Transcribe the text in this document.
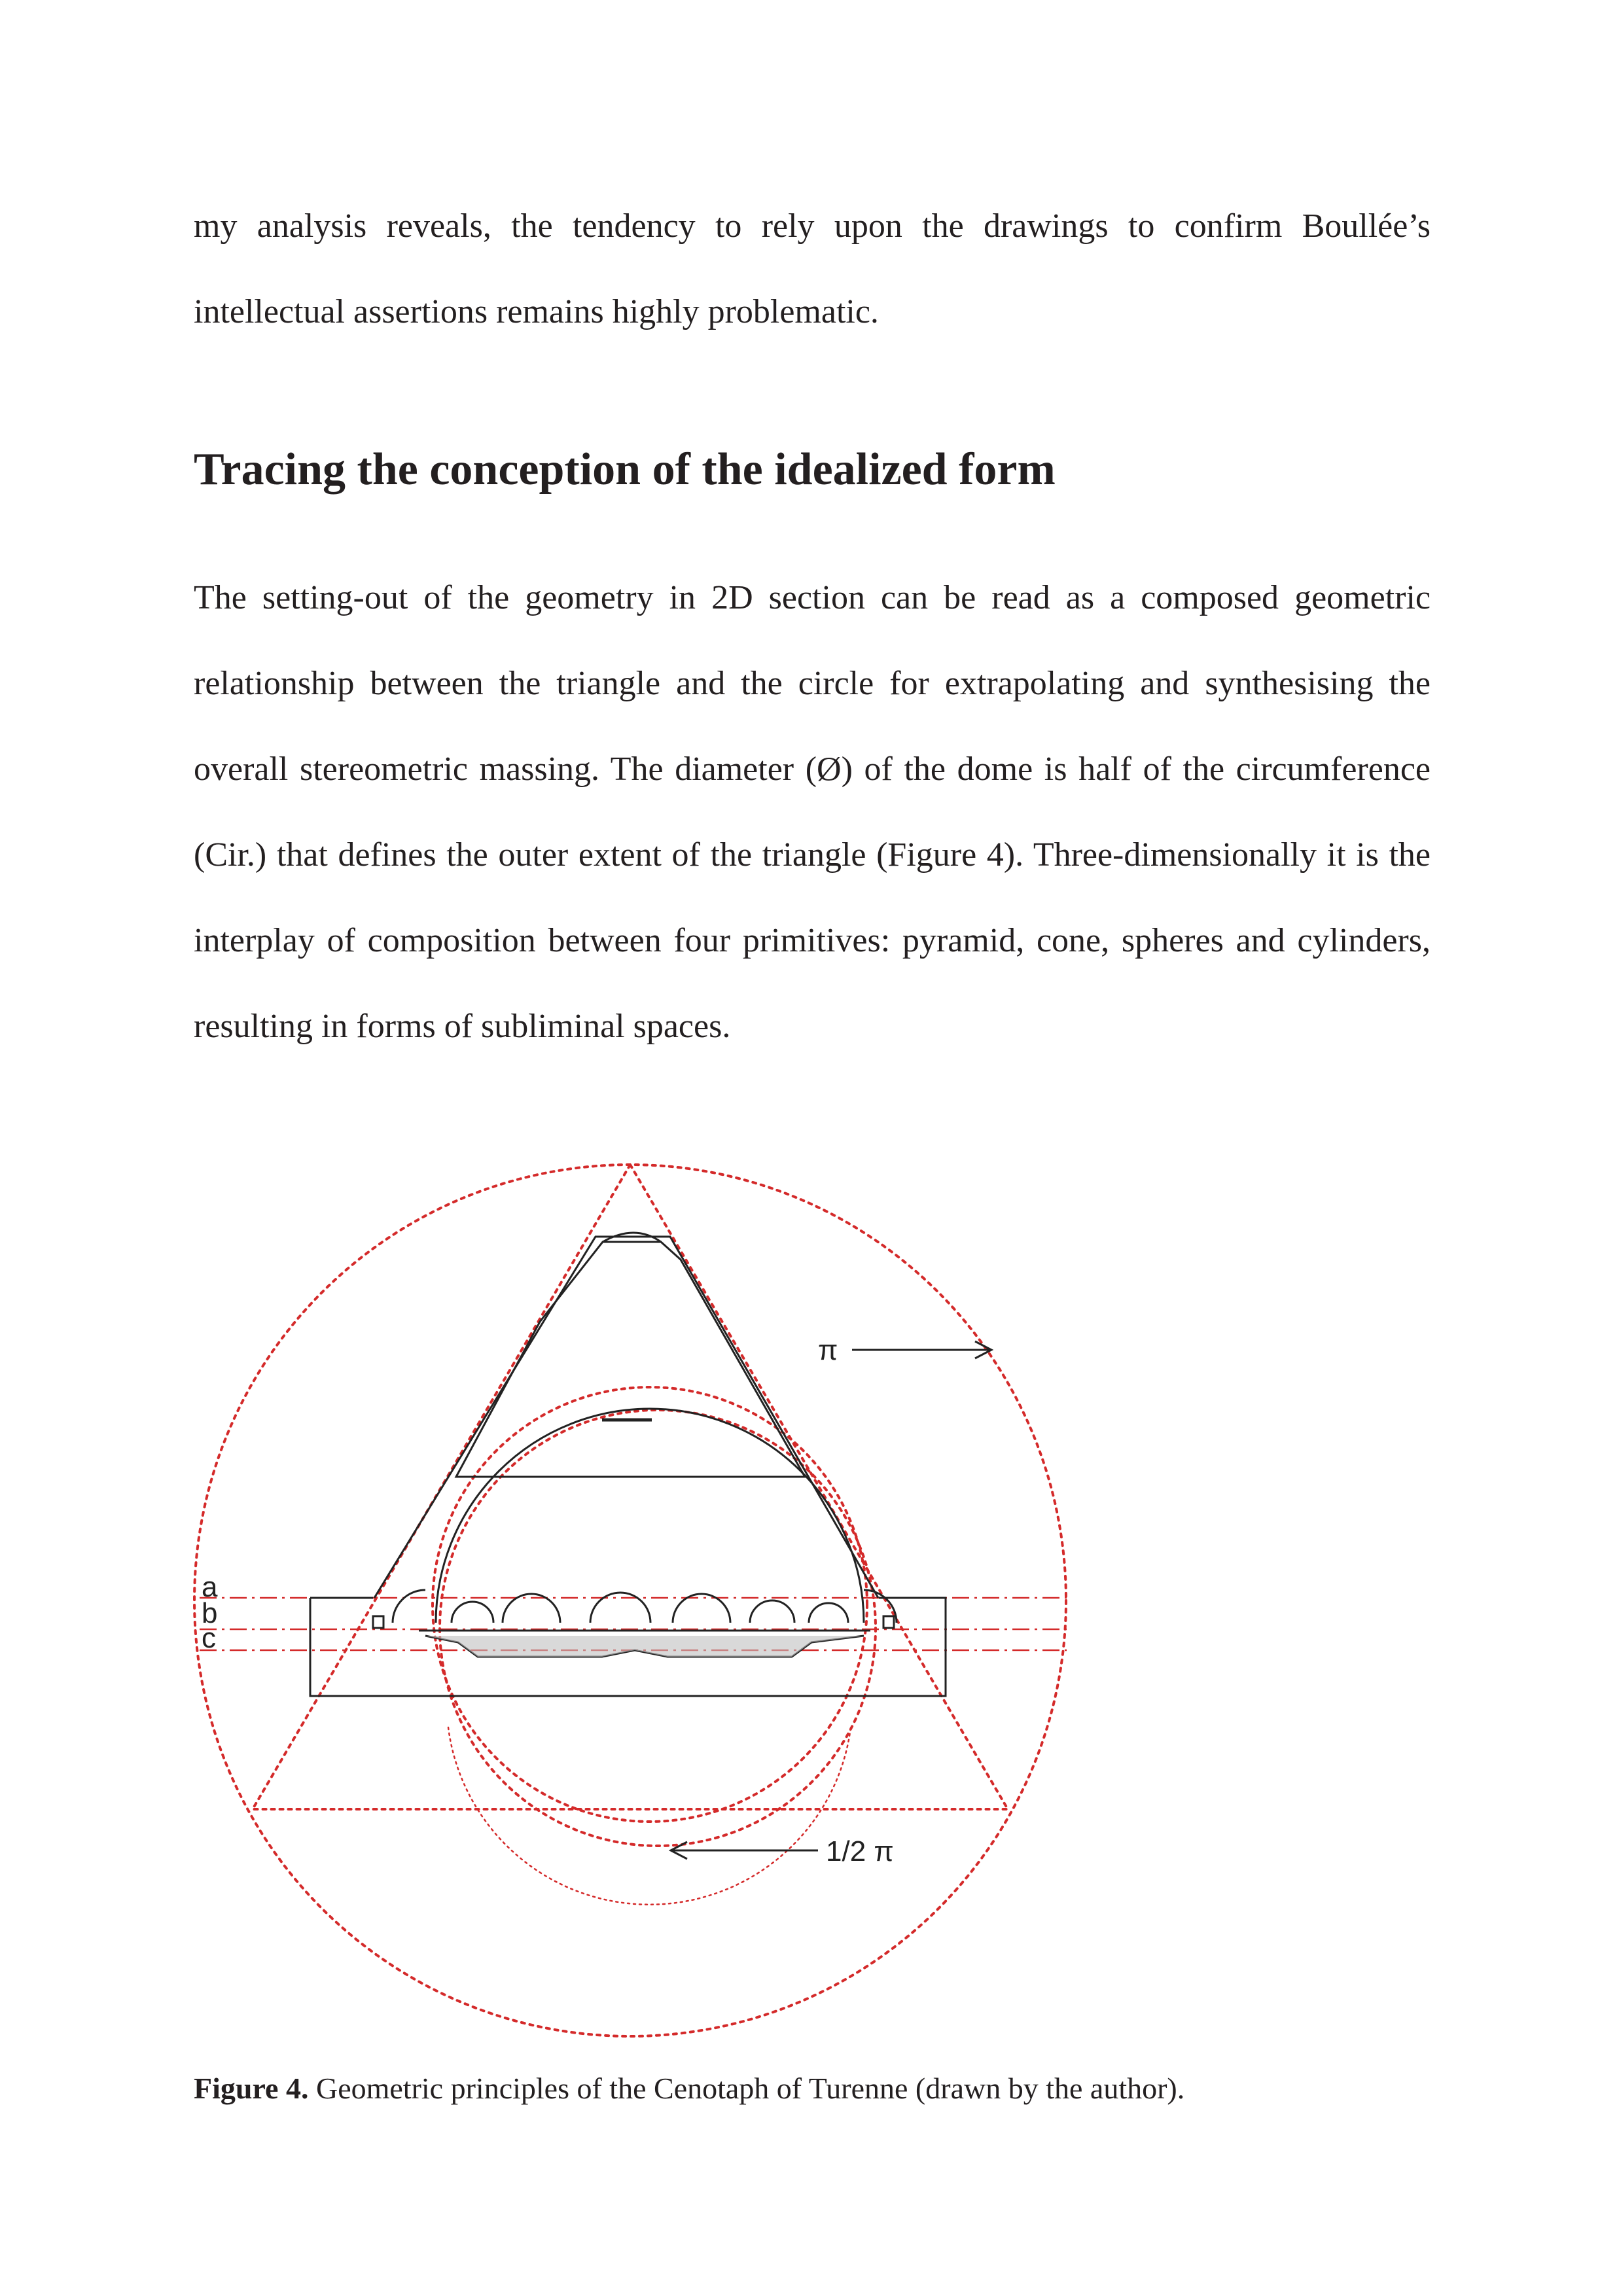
my analysis reveals, the tendency to rely upon the drawings to confirm Boullée’s intellectual assertions remains highly problematic.

Tracing the conception of the idealized form

The setting-out of the geometry in 2D section can be read as a composed geometric relationship between the triangle and the circle for extrapolating and synthesising the overall stereometric massing. The diameter (Ø) of the dome is half of the circumference (Cir.) that defines the outer extent of the triangle (Figure 4). Three-dimensionally it is the interplay of composition between four primitives: pyramid, cone, spheres and cylinders, resulting in forms of subliminal spaces.

π
1/2 π
a
b
c
Figure 4. Geometric principles of the Cenotaph of Turenne (drawn by the author).
